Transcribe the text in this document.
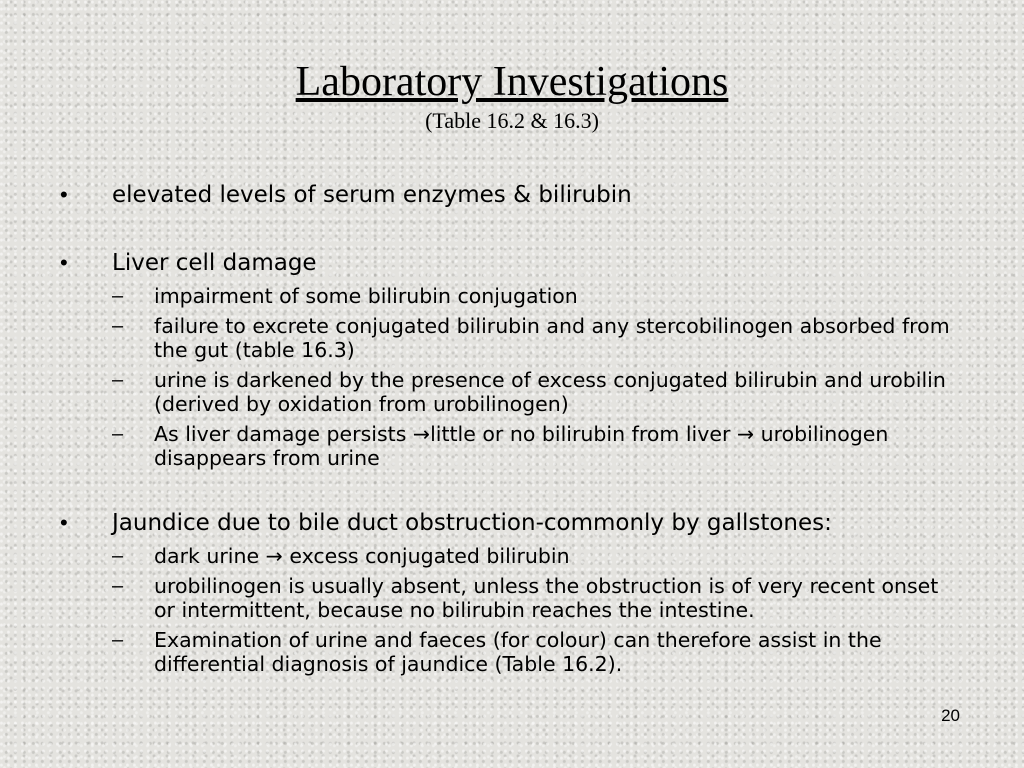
Laboratory Investigations
(Table 16.2 & 16.3)
• elevated levels of serum enzymes & bilirubin
• Liver cell damage
– impairment of some bilirubin conjugation
– failure to excrete conjugated bilirubin and any stercobilinogen absorbed from the gut (table 16.3)
– urine is darkened by the presence of excess conjugated bilirubin and urobilin (derived by oxidation from urobilinogen)
– As liver damage persists →little or no bilirubin from liver → urobilinogen disappears from urine
• Jaundice due to bile duct obstruction-commonly by gallstones:
– dark urine → excess conjugated bilirubin
– urobilinogen is usually absent, unless the obstruction is of very recent onset or intermittent, because no bilirubin reaches the intestine.
– Examination of urine and faeces (for colour) can therefore assist in the differential diagnosis of jaundice (Table 16.2).
20
